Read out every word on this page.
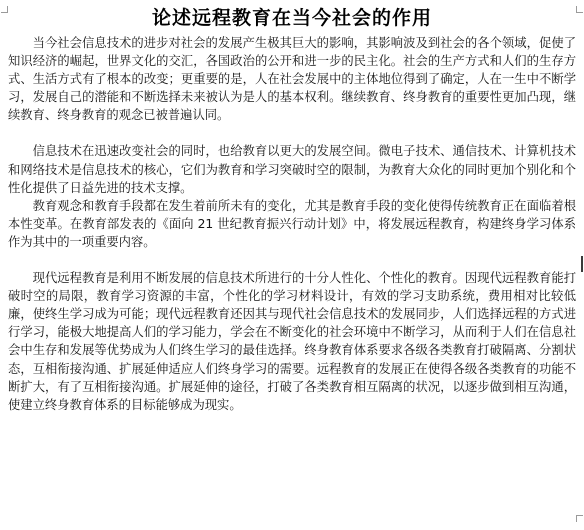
论述远程教育在当今社会的作用

当今社会信息技术的进步对社会的发展产生极其巨大的影响，其影响波及到社会的各个领域，促使了知识经济的崛起，世界文化的交汇，各国政治的公开和进一步的民主化。社会的生产方式和人们的生存方式、生活方式有了根本的改变；更重要的是，人在社会发展中的主体地位得到了确定，人在一生中不断学习，发展自己的潜能和不断选择未来被认为是人的基本权利。继续教育、终身教育的重要性更加凸现，继续教育、终身教育的观念已被普遍认同。

信息技术在迅速改变社会的同时，也给教育以更大的发展空间。微电子技术、通信技术、计算机技术和网络技术是信息技术的核心，它们为教育和学习突破时空的限制，为教育大众化的同时更加个别化和个性化提供了日益先进的技术支撑。

教育观念和教育手段都在发生着前所未有的变化，尤其是教育手段的变化使得传统教育正在面临着根本性变革。在教育部发表的《面向 21 世纪教育振兴行动计划》中，将发展远程教育，构建终身学习体系作为其中的一项重要内容。

现代远程教育是利用不断发展的信息技术所进行的十分人性化、个性化的教育。因现代远程教育能打破时空的局限，教育学习资源的丰富，个性化的学习材料设计，有效的学习支助系统，费用相对比较低廉，使终生学习成为可能；现代远程教育还因其与现代社会信息技术的发展同步，人们选择远程的方式进行学习，能极大地提高人们的学习能力，学会在不断变化的社会环境中不断学习，从而利于人们在信息社会中生存和发展等优势成为人们终生学习的最佳选择。终身教育体系要求各级各类教育打破隔离、分割状态，互相衔接沟通、扩展延伸适应人们终身学习的需要。远程教育的发展正在使得各级各类教育的功能不断扩大，有了互相衔接沟通。扩展延伸的途径，打破了各类教育相互隔离的状况，以逐步做到相互沟通，使建立终身教育体系的目标能够成为现实。
